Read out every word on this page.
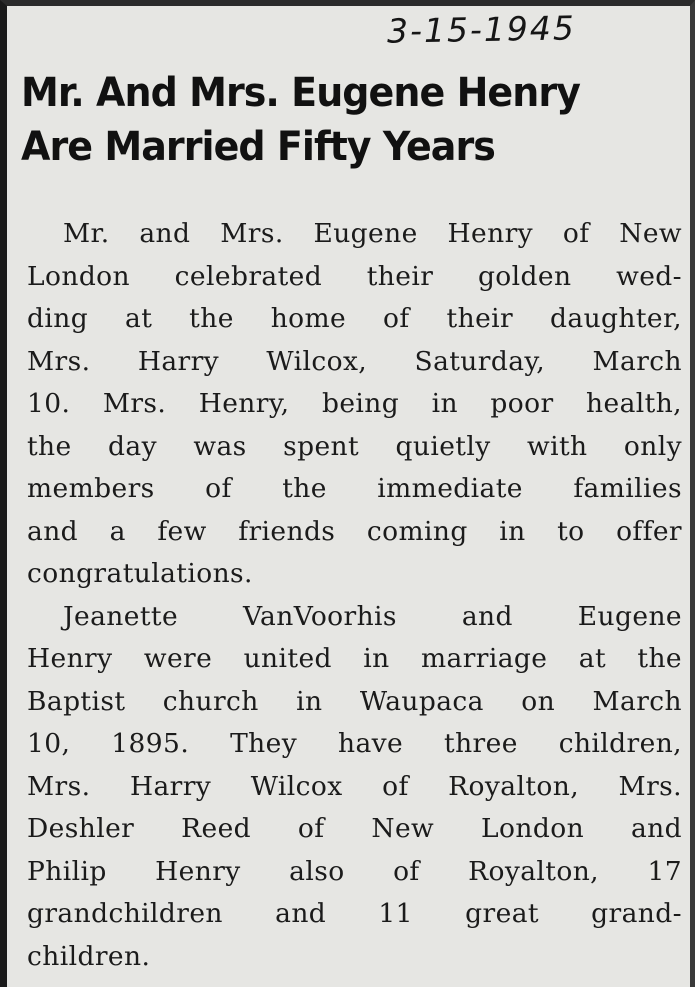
3-15-1945
Mr. And Mrs. Eugene Henry
Are Married Fifty Years
Mr. and Mrs. Eugene Henry of New
London celebrated their golden wed-
ding at the home of their daughter,
Mrs. Harry Wilcox, Saturday, March
10. Mrs. Henry, being in poor health,
the day was spent quietly with only
members of the immediate families
and a few friends coming in to offer
congratulations.
Jeanette VanVoorhis and Eugene
Henry were united in marriage at the
Baptist church in Waupaca on March
10, 1895. They have three children,
Mrs. Harry Wilcox of Royalton, Mrs.
Deshler Reed of New London and
Philip Henry also of Royalton, 17
grandchildren and 11 great grand-
children.
